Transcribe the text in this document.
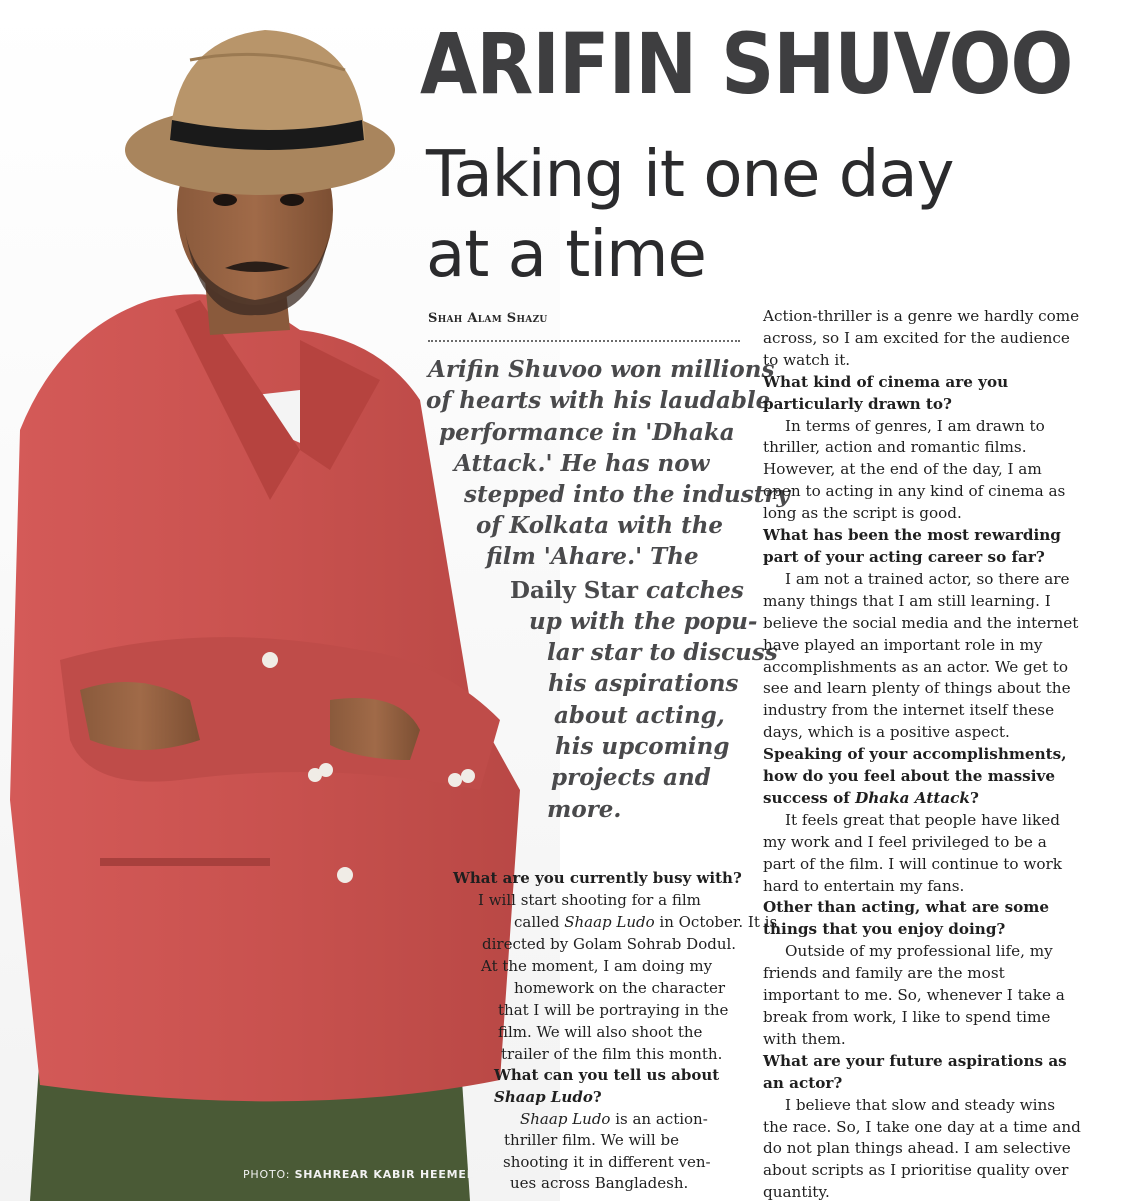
ARIFIN SHUVOO
Taking it one day
at a time
Shah Alam Shazu
Arifin Shuvoo won millions
of hearts with his laudable
performance in 'Dhaka
Attack.' He has now
stepped into the industry
of Kolkata with the
film 'Ahare.' The
Daily Star catches
up with the popu-
lar star to discuss
his aspirations
about acting,
his upcoming
projects and
more.
What are you currently busy with?
I will start shooting for a film
called Shaap Ludo in October. It is
directed by Golam Sohrab Dodul.
At the moment, I am doing my
homework on the character
that I will be portraying in the
film. We will also shoot the
trailer of the film this month.
What can you tell us about
Shaap Ludo?
Shaap Ludo is an action-
thriller film. We will be
shooting it in different ven-
ues across Bangladesh.

Action-thriller is a genre we hardly come across, so I am excited for the audience to watch it.

What kind of cinema are you particularly drawn to?

In terms of genres, I am drawn to thriller, action and romantic films. However, at the end of the day, I am open to acting in any kind of cinema as long as the script is good.

What has been the most rewarding part of your acting career so far?

I am not a trained actor, so there are many things that I am still learning. I believe the social media and the internet have played an important role in my accomplishments as an actor. We get to see and learn plenty of things about the industry from the internet itself these days, which is a positive aspect.

Speaking of your accomplishments, how do you feel about the massive success of Dhaka Attack?

It feels great that people have liked my work and I feel privileged to be a part of the film. I will continue to work hard to entertain my fans.

Other than acting, what are some things that you enjoy doing?

Outside of my professional life, my friends and family are the most important to me. So, whenever I take a break from work, I like to spend time with them.

What are your future aspirations as an actor?

I believe that slow and steady wins the race. So, I take one day at a time and do not plan things ahead. I am selective about scripts as I prioritise quality over quantity.

PHOTO: SHAHREAR KABIR HEEMEL
